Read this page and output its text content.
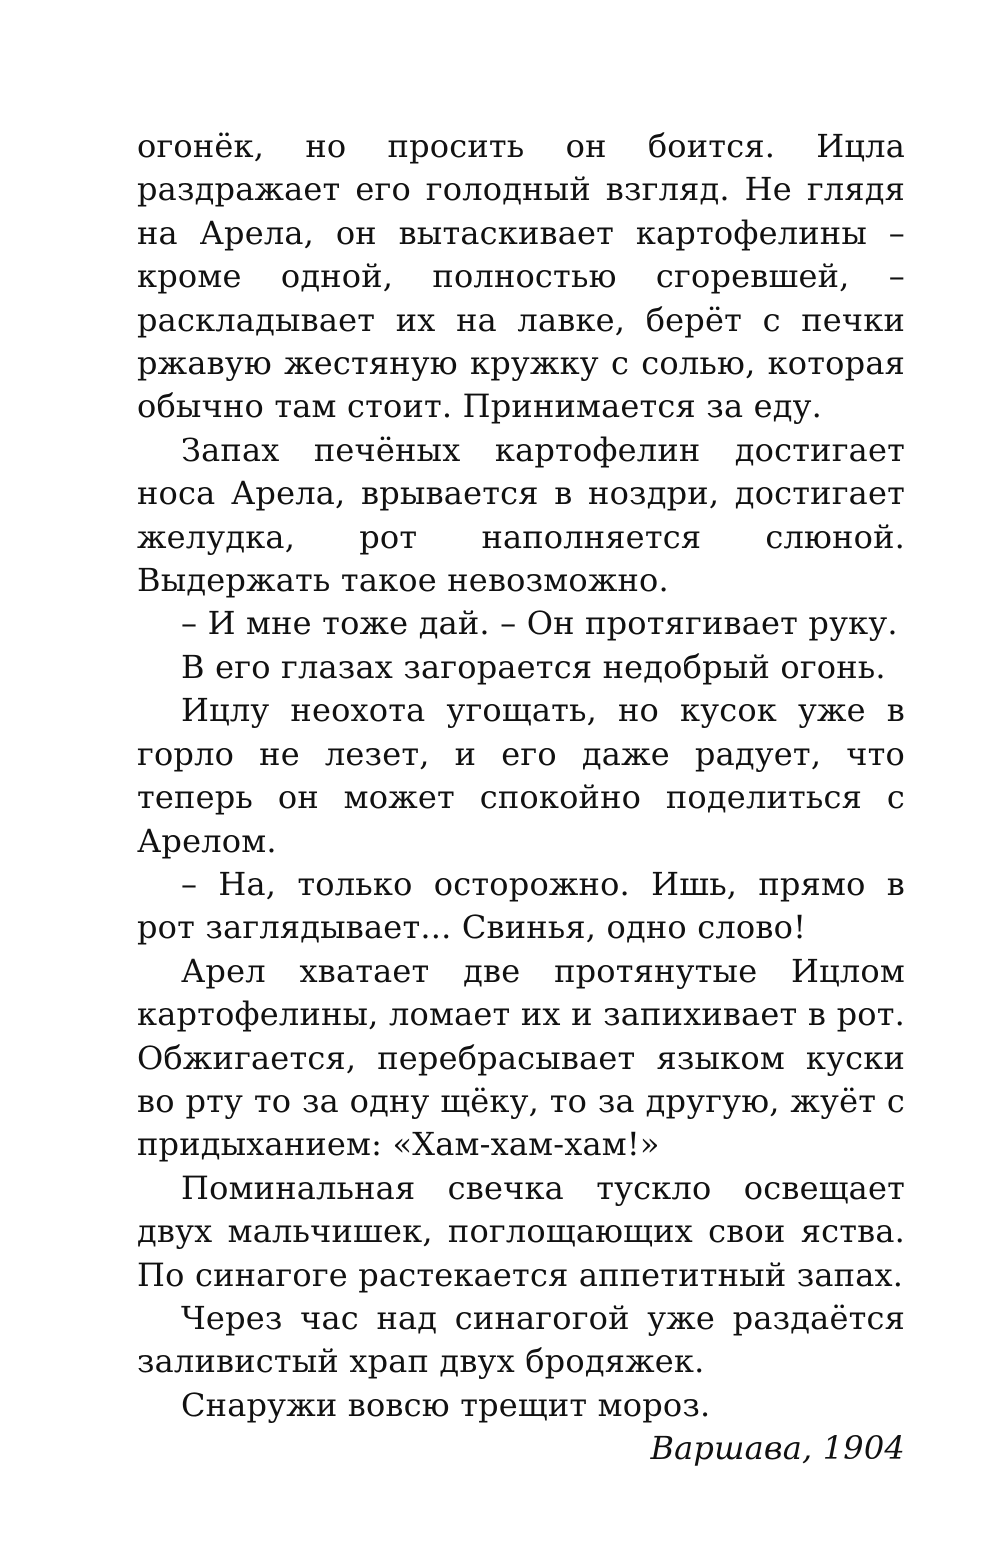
огонёк, но просить он боится. Ицла раздражает его голодный взгляд. Не глядя на Арела, он вытаскивает картофелины – кроме одной, полностью сгоревшей, – раскладывает их на лавке, берёт с печки ржавую жестяную кружку с солью, которая обычно там стоит. Принимается за еду.

Запах печёных картофелин достигает носа Арела, врывается в ноздри, достигает желудка, рот наполняется слюной. Выдержать такое невозможно.

– И мне тоже дай. – Он протягивает руку.

В его глазах загорается недобрый огонь.

Ицлу неохота угощать, но кусок уже в горло не лезет, и его даже радует, что теперь он может спокойно поделиться с Арелом.

– На, только осторожно. Ишь, прямо в рот заглядывает... Свинья, одно слово!

Арел хватает две протянутые Ицлом картофелины, ломает их и запихивает в рот. Обжигается, перебрасывает языком куски во рту то за одну щёку, то за другую, жуёт с придыханием: «Хам-хам-хам!»

Поминальная свечка тускло освещает двух мальчишек, поглощающих свои яства. По синагоге растекается аппетитный запах.

Через час над синагогой уже раздаётся заливистый храп двух бродяжек.

Снаружи вовсю трещит мороз.

Варшава, 1904
